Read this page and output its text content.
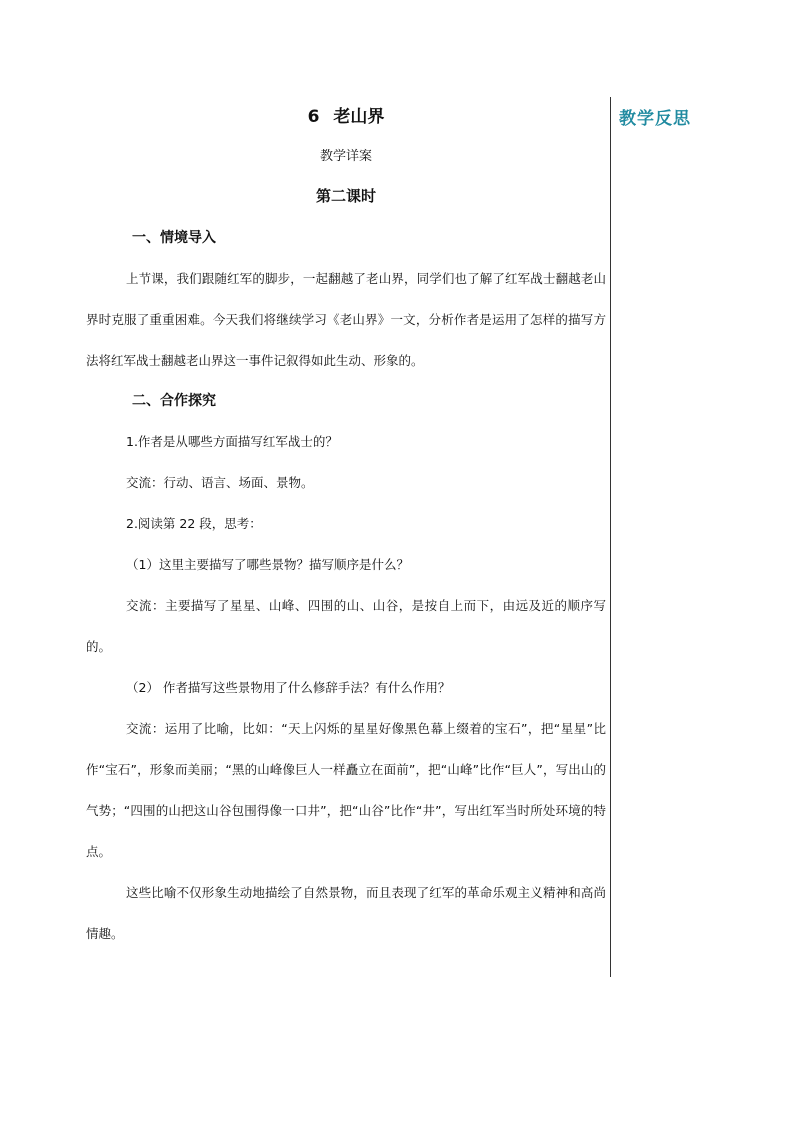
6 老山界
教学详案
第二课时
一、情境导入

上节课，我们跟随红军的脚步，一起翻越了老山界，同学们也了解了红军战士翻越老山界时克服了重重困难。今天我们将继续学习《老山界》一文，分析作者是运用了怎样的描写方法将红军战士翻越老山界这一事件记叙得如此生动、形象的。

二、合作探究

1.作者是从哪些方面描写红军战士的？

交流：行动、语言、场面、景物。

2.阅读第 22 段，思考：

（1）这里主要描写了哪些景物？描写顺序是什么？

交流：主要描写了星星、山峰、四围的山、山谷，是按自上而下，由远及近的顺序写的。

（2） 作者描写这些景物用了什么修辞手法？有什么作用？

交流：运用了比喻，比如：“天上闪烁的星星好像黑色幕上缀着的宝石”，把“星星”比作“宝石”，形象而美丽；“黑的山峰像巨人一样矗立在面前”，把“山峰”比作“巨人”，写出山的气势；“四围的山把这山谷包围得像一口井”，把“山谷”比作“井”，写出红军当时所处环境的特点。

这些比喻不仅形象生动地描绘了自然景物，而且表现了红军的革命乐观主义精神和高尚情趣。

教学反思
